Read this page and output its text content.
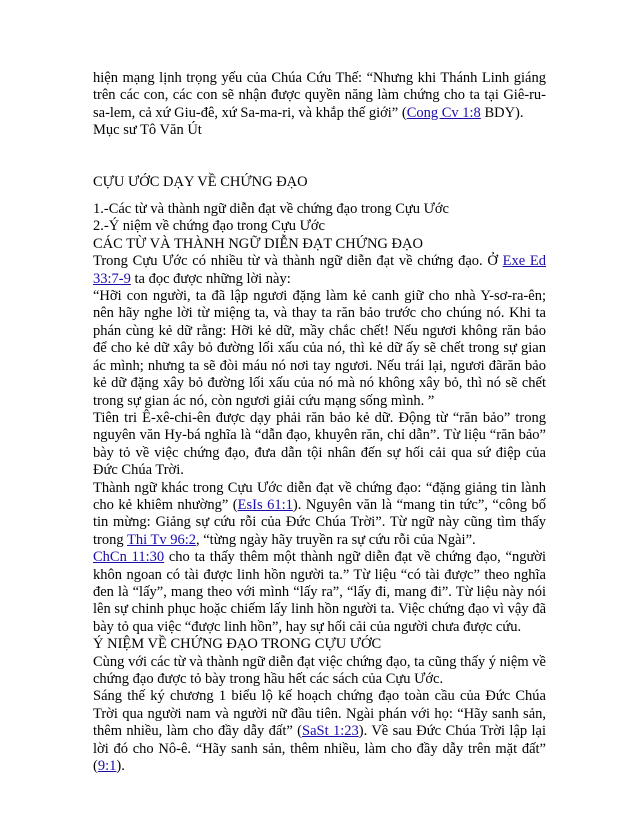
hiện mạng lịnh trọng yếu của Chúa Cứu Thế: “Nhưng khi Thánh Linh giáng trên các con, các con sẽ nhận được quyền năng làm chứng cho ta tại Giê-ru-sa-lem, cả xứ Giu-đê, xứ Sa-ma-ri, và khắp thế giới” (Cong Cv 1:8 BDY).

Mục sư Tô Văn Út

CỰU ƯỚC DẠY VỀ CHỨNG ĐẠO

1.-Các từ và thành ngữ diễn đạt về chứng đạo trong Cựu Ước

2.-Ý niệm về chứng đạo trong Cựu Ước

CÁC TỪ VÀ THÀNH NGỮ DIỄN ĐẠT CHỨNG ĐẠO

Trong Cựu Ước có nhiều từ và thành ngữ diễn đạt về chứng đạo. Ở Exe Ed 33:7-9 ta đọc được những lời này:

“Hỡi con người, ta đã lập ngươi đặng làm kẻ canh giữ cho nhà Y-sơ-ra-ên; nên hãy nghe lời từ miệng ta, và thay ta răn bảo trước cho chúng nó. Khi ta phán cùng kẻ dữ rằng: Hỡi kẻ dữ, mầy chắc chết! Nếu ngươi không răn bảo để cho kẻ dữ xây bỏ đường lối xấu của nó, thì kẻ dữ ấy sẽ chết trong sự gian ác mình; nhưng ta sẽ đòi máu nó nơi tay ngươi. Nếu trái lại, ngươi đãrăn bảo kẻ dữ đặng xây bỏ đường lối xấu của nó mà nó không xây bỏ, thì nó sẽ chết trong sự gian ác nó, còn ngươi giải cứu mạng sống mình. ”

Tiên tri Ê-xê-chi-ên được dạy phải răn bảo kẻ dữ. Động từ “răn bảo” trong nguyên văn Hy-bá nghĩa là “dẫn đạo, khuyên răn, chỉ dẫn”. Từ liệu “răn bảo” bày tỏ về việc chứng đạo, đưa dẫn tội nhân đến sự hối cải qua sứ điệp của Đức Chúa Trời.

Thành ngữ khác trong Cựu Ước diễn đạt về chứng đạo: “đặng giảng tin lành cho kẻ khiêm nhường” (EsIs 61:1). Nguyên văn là “mang tin tức”, “công bố tin mừng: Giảng sự cứu rỗi của Đức Chúa Trời”. Từ ngữ này cũng tìm thấy trong Thi Tv 96:2, “từng ngày hãy truyền ra sự cứu rỗi của Ngài”.

ChCn 11:30 cho ta thấy thêm một thành ngữ diễn đạt về chứng đạo, “người khôn ngoan có tài được linh hồn người ta.” Từ liệu “có tài được” theo nghĩa đen là “lấy”, mang theo với mình “lấy ra”, “lấy đi, mang đi”. Từ liệu này nói lên sự chinh phục hoặc chiếm lấy linh hồn người ta. Việc chứng đạo vì vậy đã bày tỏ qua việc “được linh hồn”, hay sự hối cải của người chưa được cứu.

Ý NIỆM VỀ CHỨNG ĐẠO TRONG CỰU ƯỚC

Cùng với các từ và thành ngữ diễn đạt việc chứng đạo, ta cũng thấy ý niệm về chứng đạo được tỏ bày trong hầu hết các sách của Cựu Ước.

Sáng thế ký chương 1 biểu lộ kế hoạch chứng đạo toàn cầu của Đức Chúa Trời qua người nam và người nữ đầu tiên. Ngài phán với họ: “Hãy sanh sản, thêm nhiều, làm cho đầy dẫy đất” (SaSt 1:23). Về sau Đức Chúa Trời lập lại lời đó cho Nô-ê. “Hãy sanh sản, thêm nhiều, làm cho đầy dẫy trên mặt đất” (9:1).
